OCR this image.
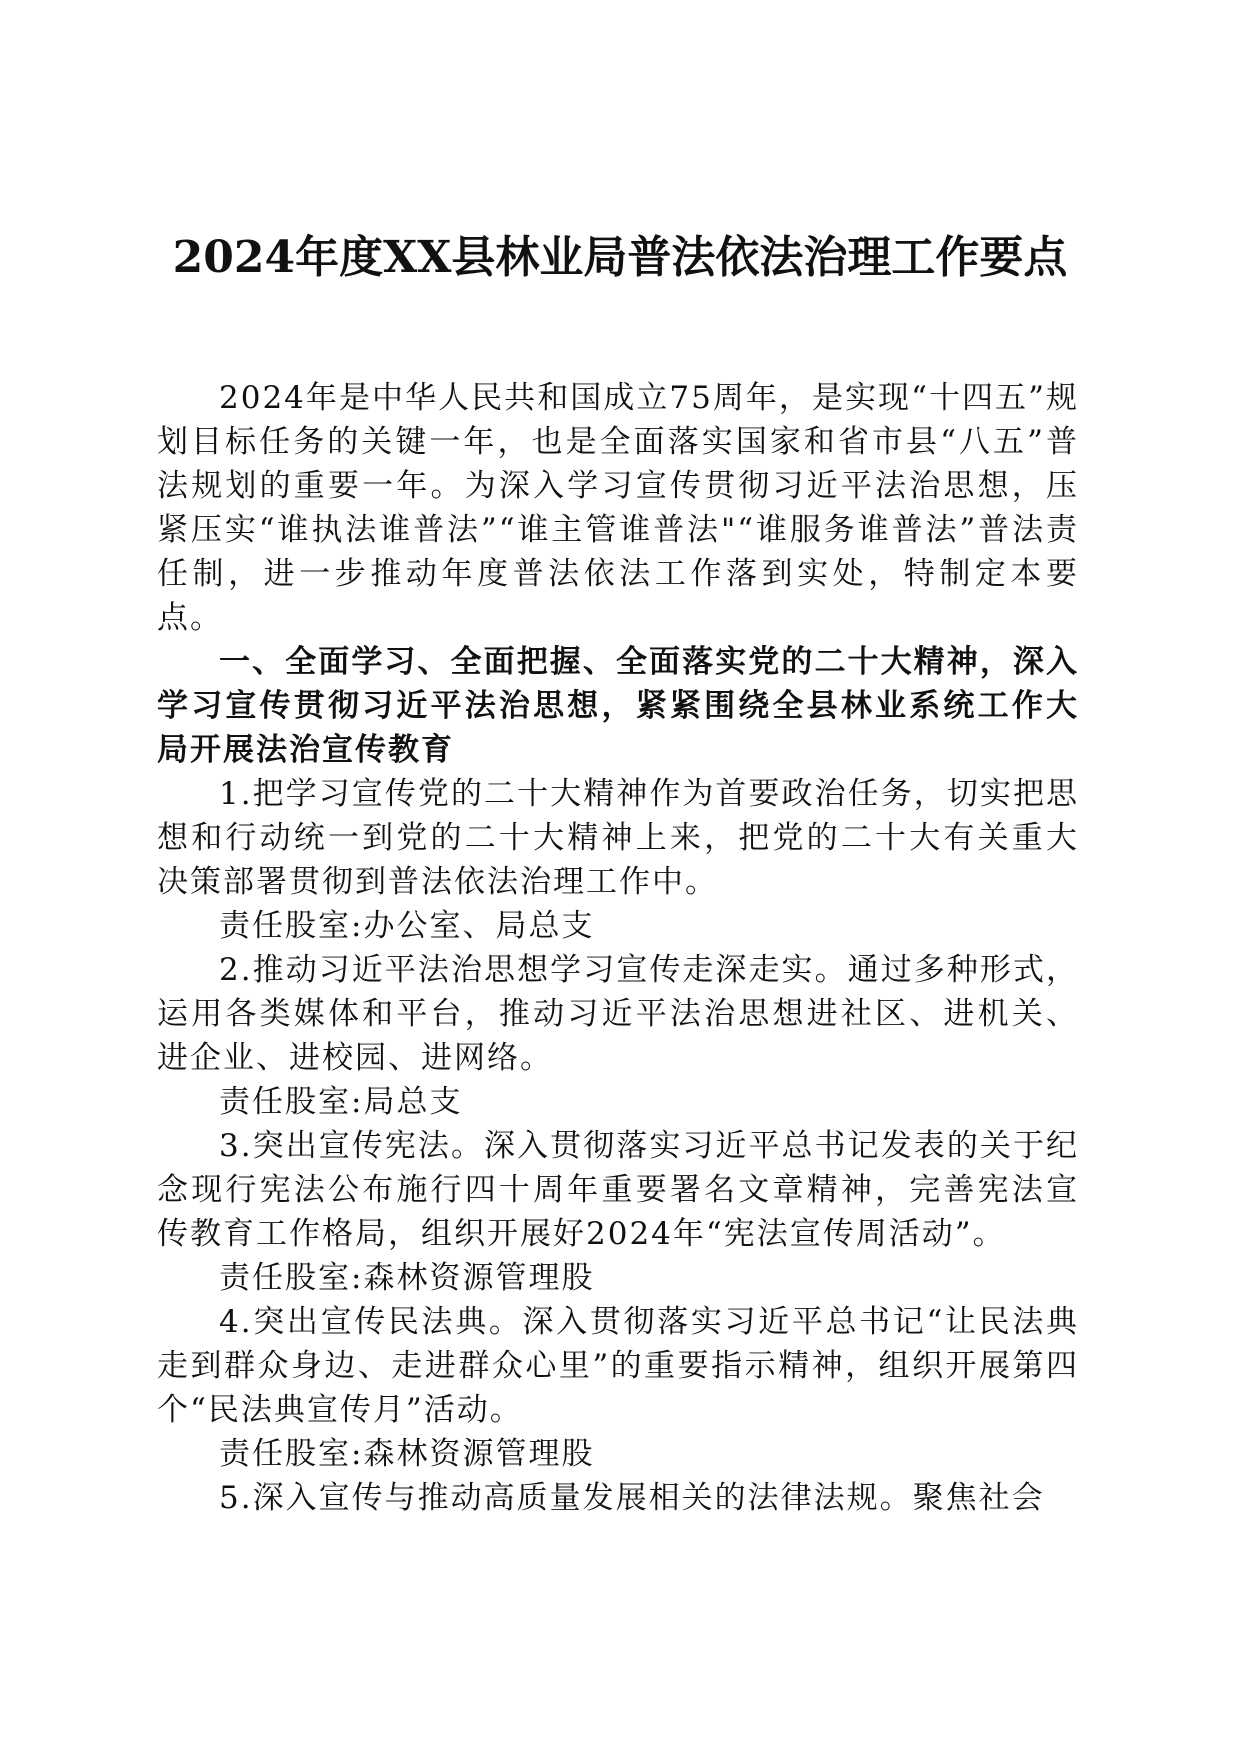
2024年度XX县林业局普法依法治理工作要点

2024年是中华人民共和国成立75周年，是实现“十四五”规划目标任务的关键一年，也是全面落实国家和省市县“八五”普法规划的重要一年。为深入学习宣传贯彻习近平法治思想，压紧压实“谁执法谁普法”“谁主管谁普法"“谁服务谁普法”普法责任制，进一步推动年度普法依法工作落到实处，特制定本要点。

一、全面学习、全面把握、全面落实党的二十大精神，深入学习宣传贯彻习近平法治思想，紧紧围绕全县林业系统工作大局开展法治宣传教育

1.把学习宣传党的二十大精神作为首要政治任务，切实把思想和行动统一到党的二十大精神上来，把党的二十大有关重大决策部署贯彻到普法依法治理工作中。

责任股室:办公室、局总支

2.推动习近平法治思想学习宣传走深走实。通过多种形式，运用各类媒体和平台，推动习近平法治思想进社区、进机关、进企业、进校园、进网络。

责任股室:局总支

3.突出宣传宪法。深入贯彻落实习近平总书记发表的关于纪念现行宪法公布施行四十周年重要署名文章精神，完善宪法宣传教育工作格局，组织开展好2024年“宪法宣传周活动”。

责任股室:森林资源管理股

4.突出宣传民法典。深入贯彻落实习近平总书记“让民法典走到群众身边、走进群众心里”的重要指示精神，组织开展第四个“民法典宣传月”活动。

责任股室:森林资源管理股

5.深入宣传与推动高质量发展相关的法律法规。聚焦社会
